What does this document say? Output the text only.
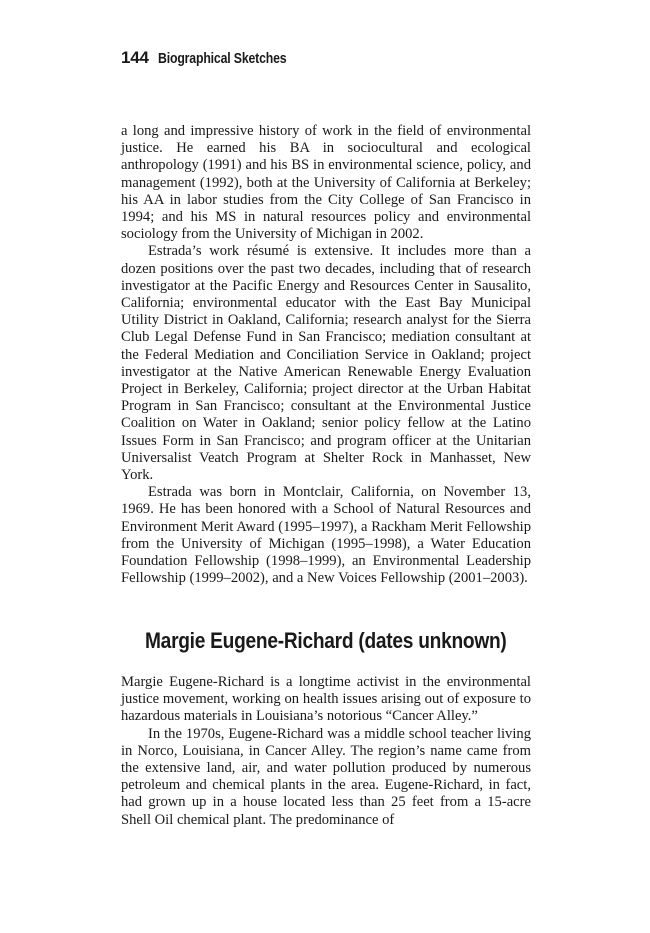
144 Biographical Sketches

a long and impressive history of work in the field of environmental justice. He earned his BA in sociocultural and ecological anthropology (1991) and his BS in environmental science, policy, and management (1992), both at the University of California at Berkeley; his AA in labor studies from the City College of San Francisco in 1994; and his MS in natural resources policy and environmental sociology from the University of Michigan in 2002.

Estrada’s work résumé is extensive. It includes more than a dozen positions over the past two decades, including that of research investigator at the Pacific Energy and Resources Center in Sausalito, California; environmental educator with the East Bay Municipal Utility District in Oakland, California; research analyst for the Sierra Club Legal Defense Fund in San Francisco; mediation consultant at the Federal Mediation and Conciliation Service in Oakland; project investigator at the Native American Renewable Energy Evaluation Project in Berkeley, California; project director at the Urban Habitat Program in San Francisco; consultant at the Environmental Justice Coalition on Water in Oakland; senior policy fellow at the Latino Issues Form in San Francisco; and program officer at the Unitarian Universalist Veatch Program at Shelter Rock in Manhasset, New York.

Estrada was born in Montclair, California, on November 13, 1969. He has been honored with a School of Natural Resources and Environment Merit Award (1995–1997), a Rackham Merit Fellowship from the University of Michigan (1995–1998), a Water Education Foundation Fellowship (1998–1999), an Environmental Leadership Fellowship (1999–2002), and a New Voices Fellowship (2001–2003).

Margie Eugene-Richard (dates unknown)

Margie Eugene-Richard is a longtime activist in the environmental justice movement, working on health issues arising out of exposure to hazardous materials in Louisiana’s notorious “Cancer Alley.”

In the 1970s, Eugene-Richard was a middle school teacher living in Norco, Louisiana, in Cancer Alley. The region’s name came from the extensive land, air, and water pollution produced by numerous petroleum and chemical plants in the area. Eugene-Richard, in fact, had grown up in a house located less than 25 feet from a 15-acre Shell Oil chemical plant. The predominance of
